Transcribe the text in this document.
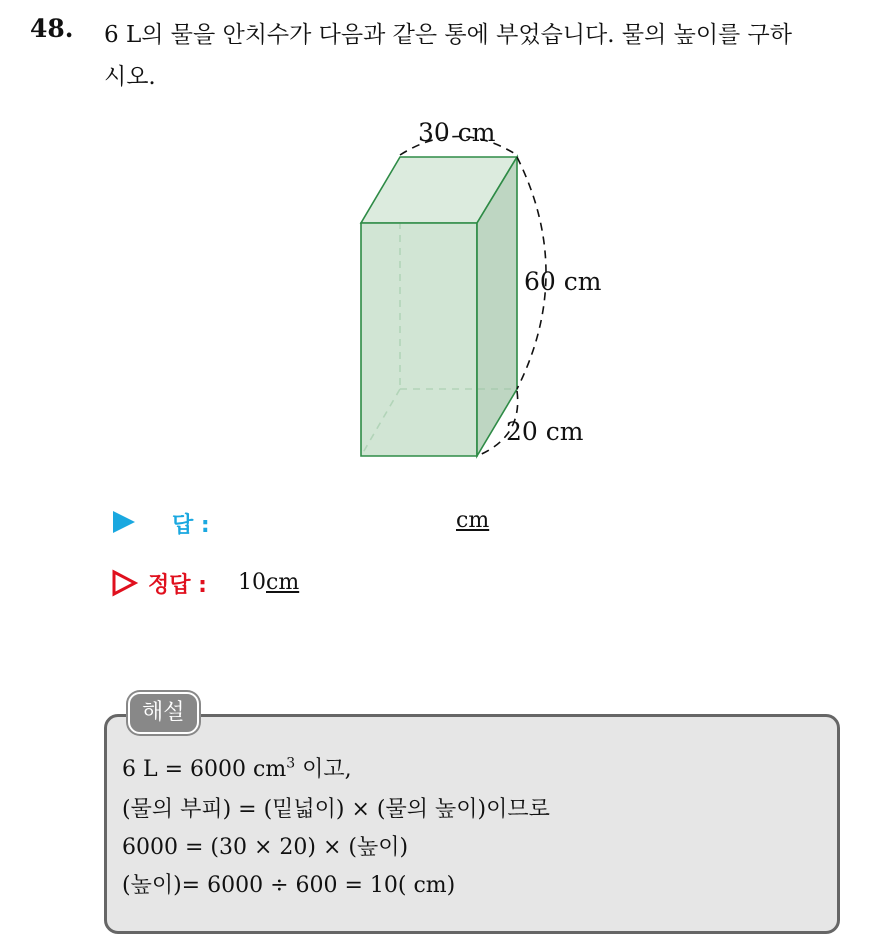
48. 6 L의 물을 안치수가 다음과 같은 통에 부었습니다. 물의 높이를 구하
시오.
30 cm
60 cm
20 cm
답 :	cm
정답 : 10 cm
해설
6 L = 6000 $cm^3$ 이고,
(물의 부피) = (밑넓이) × (물의 높이)이므로
6000 = (30 × 20) × (높이)
(높이)= 6000 ÷ 600 = 10( cm)
